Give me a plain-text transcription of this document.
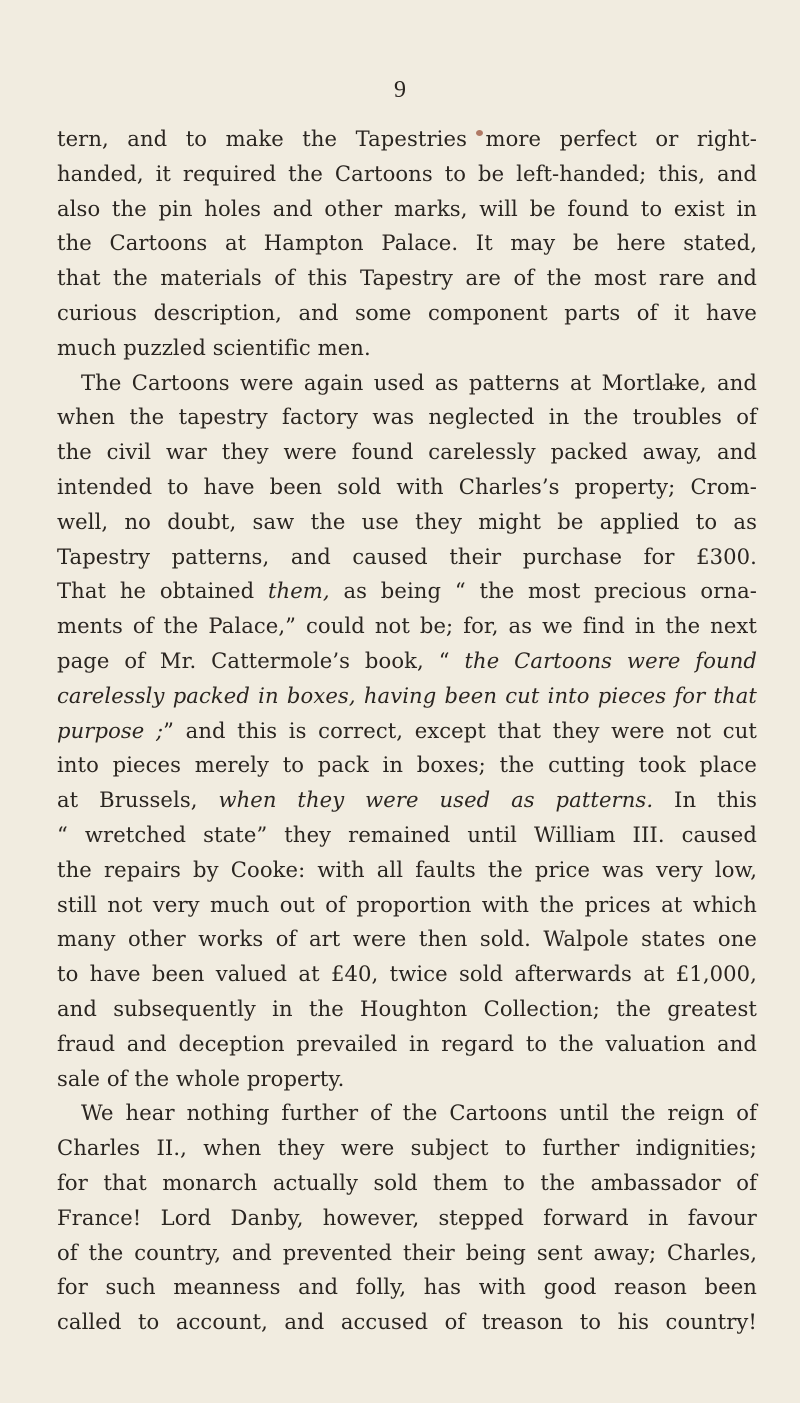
9
tern, and to make the Tapestries more perfect or right-
handed, it required the Cartoons to be left-handed; this, and
also the pin holes and other marks, will be found to exist in
the Cartoons at Hampton Palace. It may be here stated,
that the materials of this Tapestry are of the most rare and
curious description, and some component parts of it have
much puzzled scientific men.
The Cartoons were again used as patterns at Mortlake, and
when the tapestry factory was neglected in the troubles of
the civil war they were found carelessly packed away, and
intended to have been sold with Charles’s property; Crom-
well, no doubt, saw the use they might be applied to as
Tapestry patterns, and caused their purchase for £300.
That he obtained them, as being “ the most precious orna-
ments of the Palace,” could not be; for, as we find in the next
page of Mr. Cattermole’s book, “ the Cartoons were found
carelessly packed in boxes, having been cut into pieces for that
purpose ;” and this is correct, except that they were not cut
into pieces merely to pack in boxes; the cutting took place
at Brussels, when they were used as patterns. In this
“ wretched state” they remained until William III. caused
the repairs by Cooke: with all faults the price was very low,
still not very much out of proportion with the prices at which
many other works of art were then sold. Walpole states one
to have been valued at £40, twice sold afterwards at £1,000,
and subsequently in the Houghton Collection; the greatest
fraud and deception prevailed in regard to the valuation and
sale of the whole property.
We hear nothing further of the Cartoons until the reign of
Charles II., when they were subject to further indignities;
for that monarch actually sold them to the ambassador of
France! Lord Danby, however, stepped forward in favour
of the country, and prevented their being sent away; Charles,
for such meanness and folly, has with good reason been
called to account, and accused of treason to his country!
